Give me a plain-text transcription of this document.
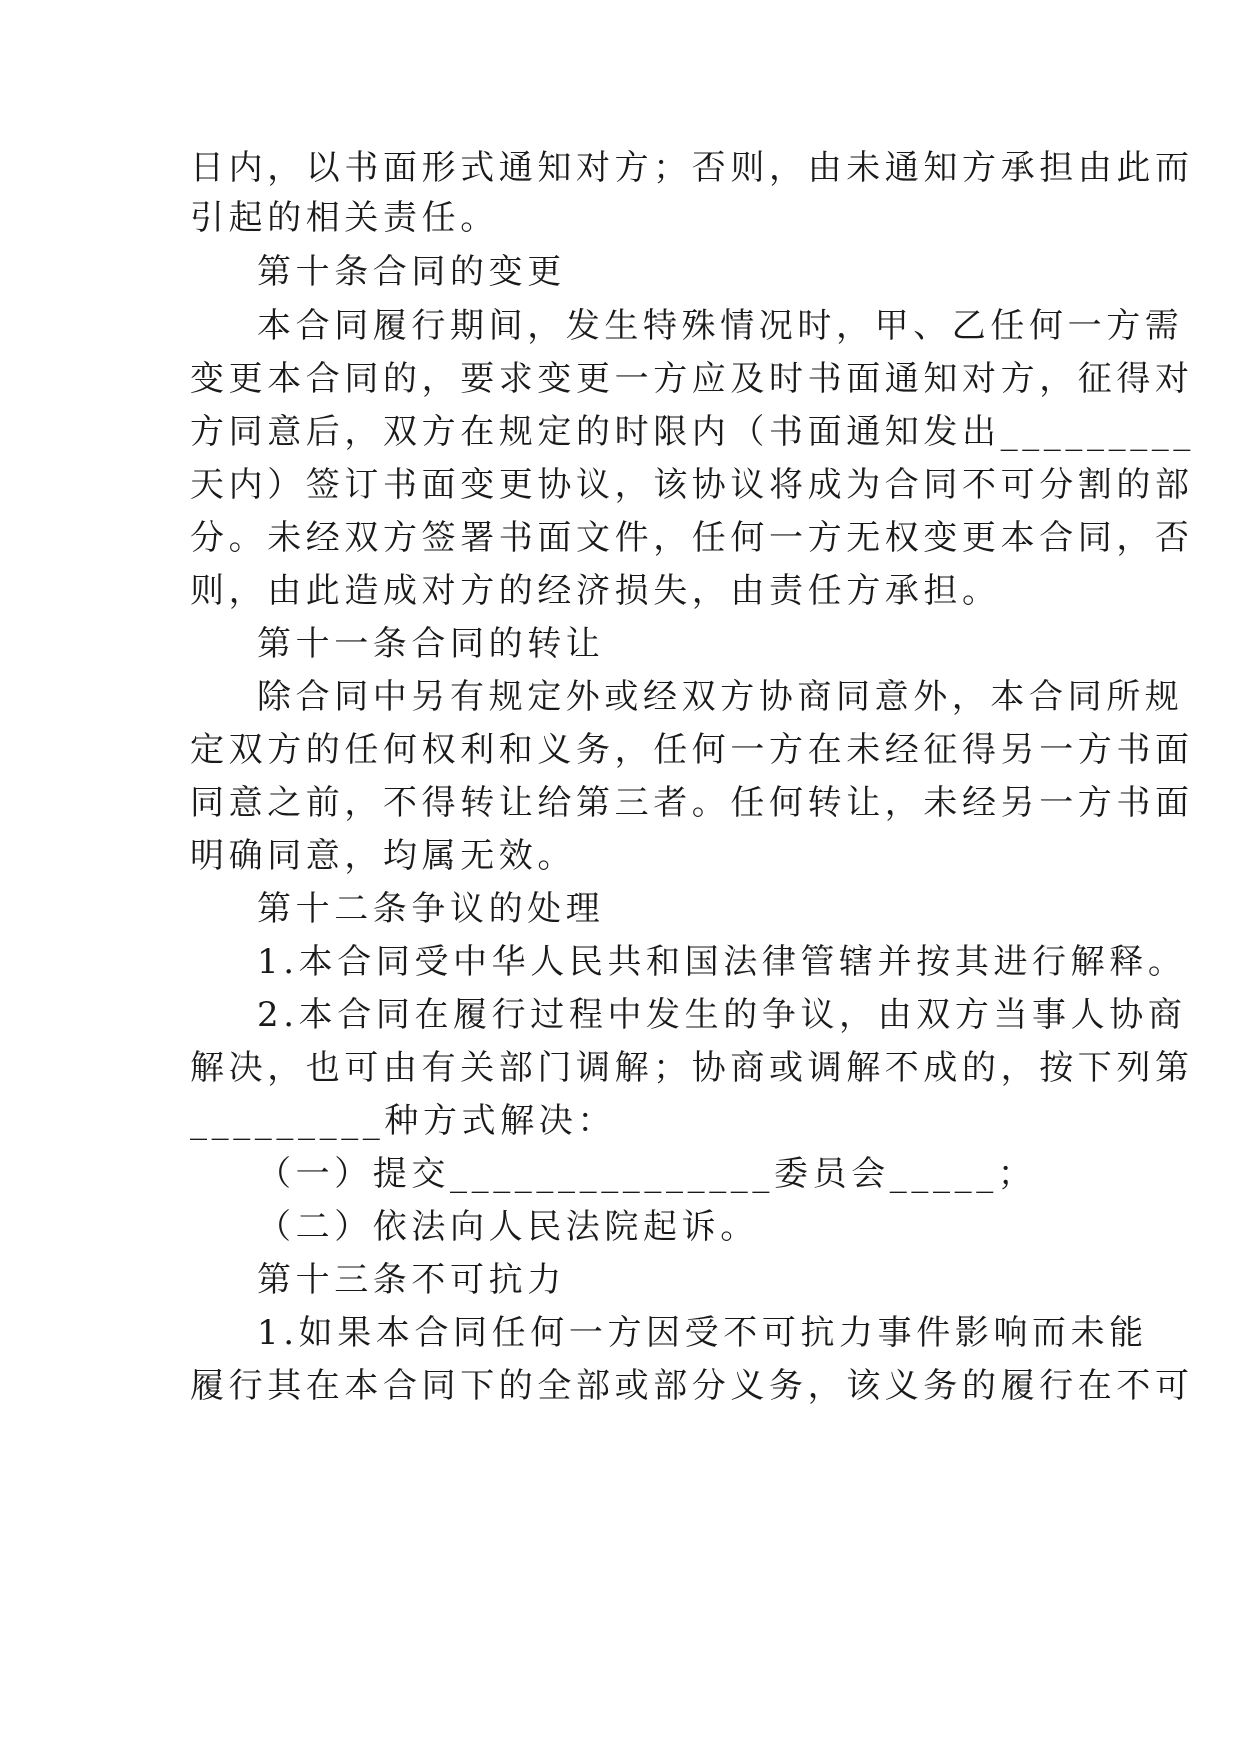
日内，以书面形式通知对方；否则，由未通知方承担由此而
引起的相关责任。
第十条合同的变更
本合同履行期间，发生特殊情况时，甲、乙任何一方需
变更本合同的，要求变更一方应及时书面通知对方，征得对
方同意后，双方在规定的时限内（书面通知发出_________
天内）签订书面变更协议，该协议将成为合同不可分割的部
分。未经双方签署书面文件，任何一方无权变更本合同，否
则，由此造成对方的经济损失，由责任方承担。
第十一条合同的转让
除合同中另有规定外或经双方协商同意外，本合同所规
定双方的任何权利和义务，任何一方在未经征得另一方书面
同意之前，不得转让给第三者。任何转让，未经另一方书面
明确同意，均属无效。
第十二条争议的处理
1.本合同受中华人民共和国法律管辖并按其进行解释。
2.本合同在履行过程中发生的争议，由双方当事人协商
解决，也可由有关部门调解；协商或调解不成的，按下列第
_________种方式解决：
（一）提交_______________委员会_____；
（二）依法向人民法院起诉。
第十三条不可抗力
1.如果本合同任何一方因受不可抗力事件影响而未能
履行其在本合同下的全部或部分义务，该义务的履行在不可
